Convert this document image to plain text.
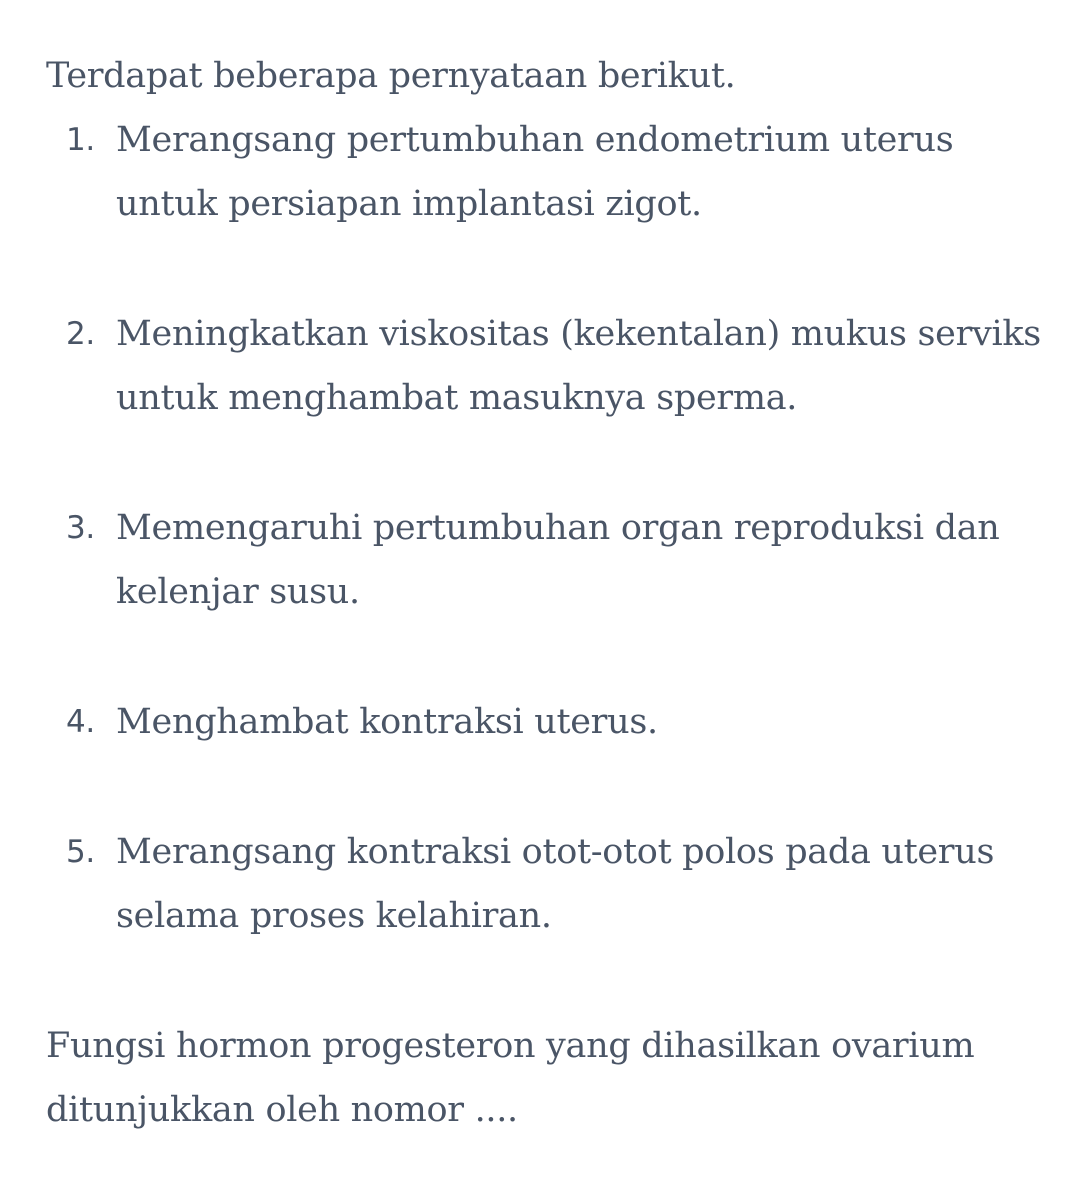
Terdapat beberapa pernyataan berikut.

1. Merangsang pertumbuhan endometrium uterus untuk persiapan implantasi zigot.
2. Meningkatkan viskositas (kekentalan) mukus serviks untuk menghambat masuknya sperma.
3. Memengaruhi pertumbuhan organ reproduksi dan kelenjar susu.
4. Menghambat kontraksi uterus.
5. Merangsang kontraksi otot-otot polos pada uterus selama proses kelahiran.

Fungsi hormon progesteron yang dihasilkan ovarium ditunjukkan oleh nomor ....
